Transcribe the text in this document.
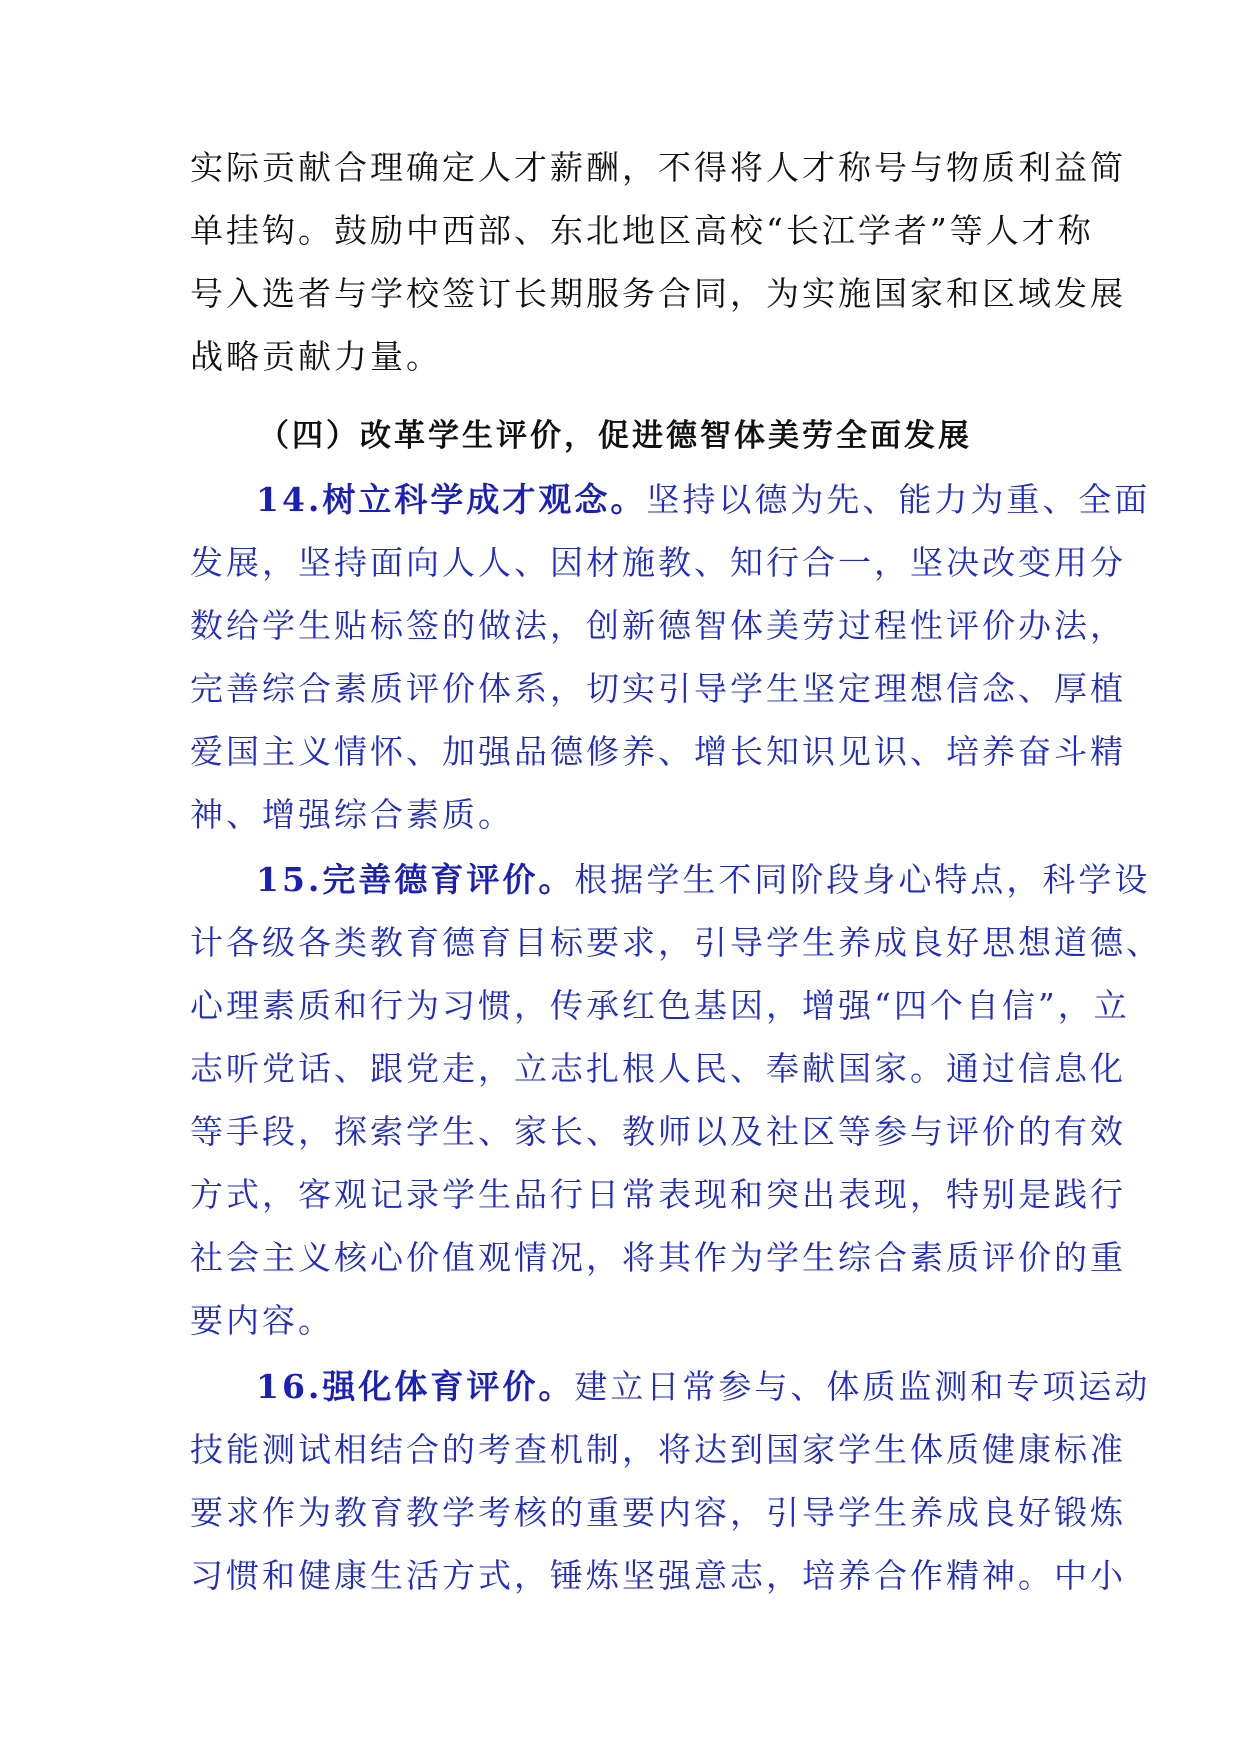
实际贡献合理确定人才薪酬，不得将人才称号与物质利益简
单挂钩。鼓励中西部、东北地区高校“长江学者”等人才称
号入选者与学校签订长期服务合同，为实施国家和区域发展
战略贡献力量。
（四）改革学生评价，促进德智体美劳全面发展
14.树立科学成才观念。坚持以德为先、能力为重、全面
发展，坚持面向人人、因材施教、知行合一，坚决改变用分
数给学生贴标签的做法，创新德智体美劳过程性评价办法，
完善综合素质评价体系，切实引导学生坚定理想信念、厚植
爱国主义情怀、加强品德修养、增长知识见识、培养奋斗精
神、增强综合素质。
15.完善德育评价。根据学生不同阶段身心特点，科学设
计各级各类教育德育目标要求，引导学生养成良好思想道德、
心理素质和行为习惯，传承红色基因，增强“四个自信”，立
志听党话、跟党走，立志扎根人民、奉献国家。通过信息化
等手段，探索学生、家长、教师以及社区等参与评价的有效
方式，客观记录学生品行日常表现和突出表现，特别是践行
社会主义核心价值观情况，将其作为学生综合素质评价的重
要内容。
16.强化体育评价。建立日常参与、体质监测和专项运动
技能测试相结合的考查机制，将达到国家学生体质健康标准
要求作为教育教学考核的重要内容，引导学生养成良好锻炼
习惯和健康生活方式，锤炼坚强意志，培养合作精神。中小
